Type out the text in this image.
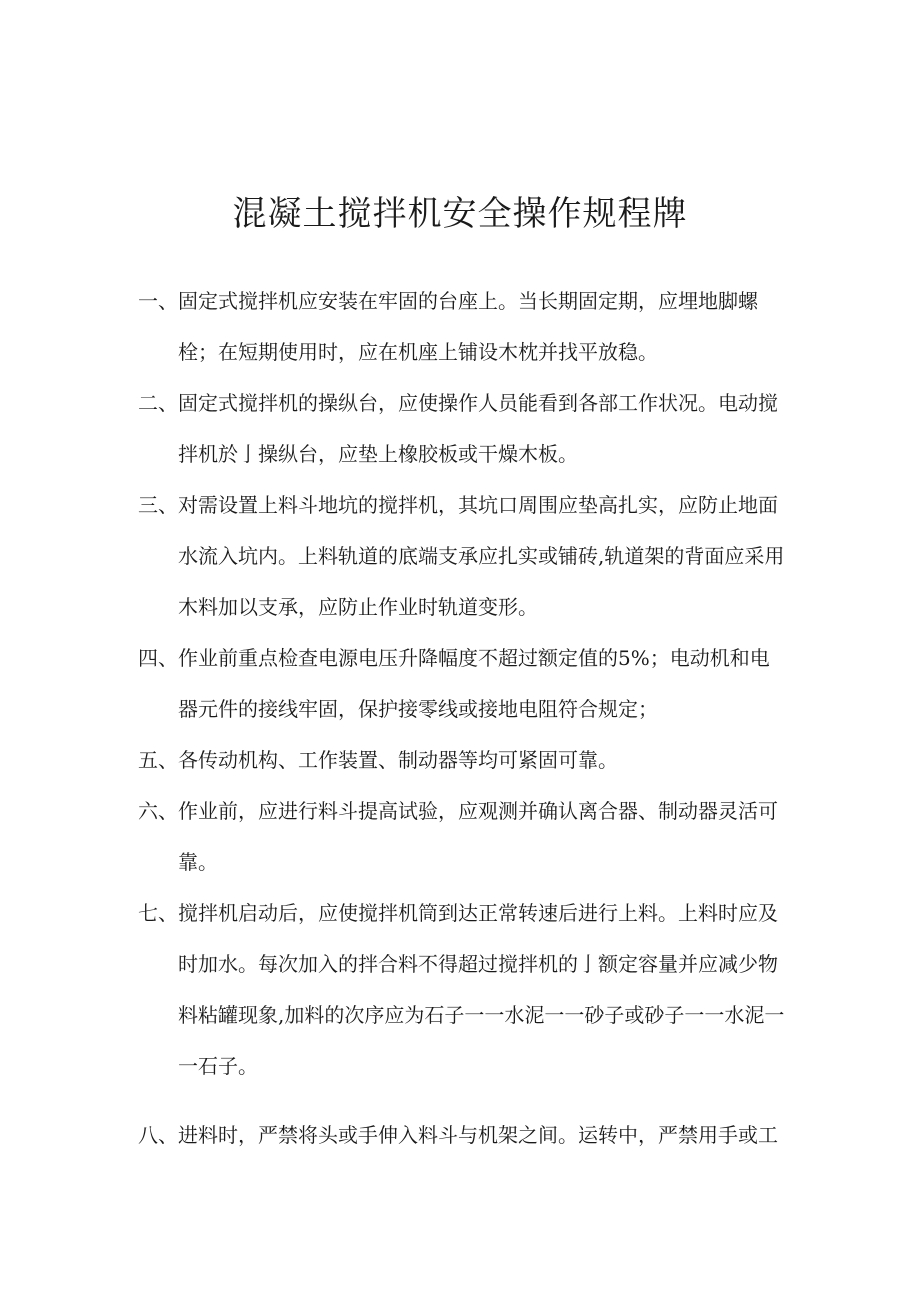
混凝土搅拌机安全操作规程牌
一、 固定式搅拌机应安装在牢固的台座上。当长期固定期，应埋地脚螺栓；在短期使用时，应在机座上铺设木枕并找平放稳。

二、 固定式搅拌机的操纵台，应使操作人员能看到各部工作状况。电动搅拌机於亅操纵台，应垫上橡胶板或干燥木板。

三、 对需设置上料斗地坑的搅拌机，其坑口周围应垫高扎实，应防止地面水流入坑内。上料轨道的底端支承应扎实或铺砖,轨道架的背面应采用木料加以支承，应防止作业时轨道变形。

四、 作业前重点检查电源电压升降幅度不超过额定值的5%；电动机和电器元件的接线牢固，保护接零线或接地电阻符合规定；

五、 各传动机构、工作装置、制动器等均可紧固可靠。

六、 作业前，应进行料斗提高试验，应观测并确认离合器、制动器灵活可靠。

七、 搅拌机启动后，应使搅拌机筒到达正常转速后进行上料。上料时应及时加水。每次加入的拌合料不得超过搅拌机的亅额定容量并应减少物料粘罐现象,加料的次序应为石子一一水泥一一砂子或砂子一一水泥一一石子。

八、 进料时，严禁将头或手伸入料斗与机架之间。运转中，严禁用手或工
